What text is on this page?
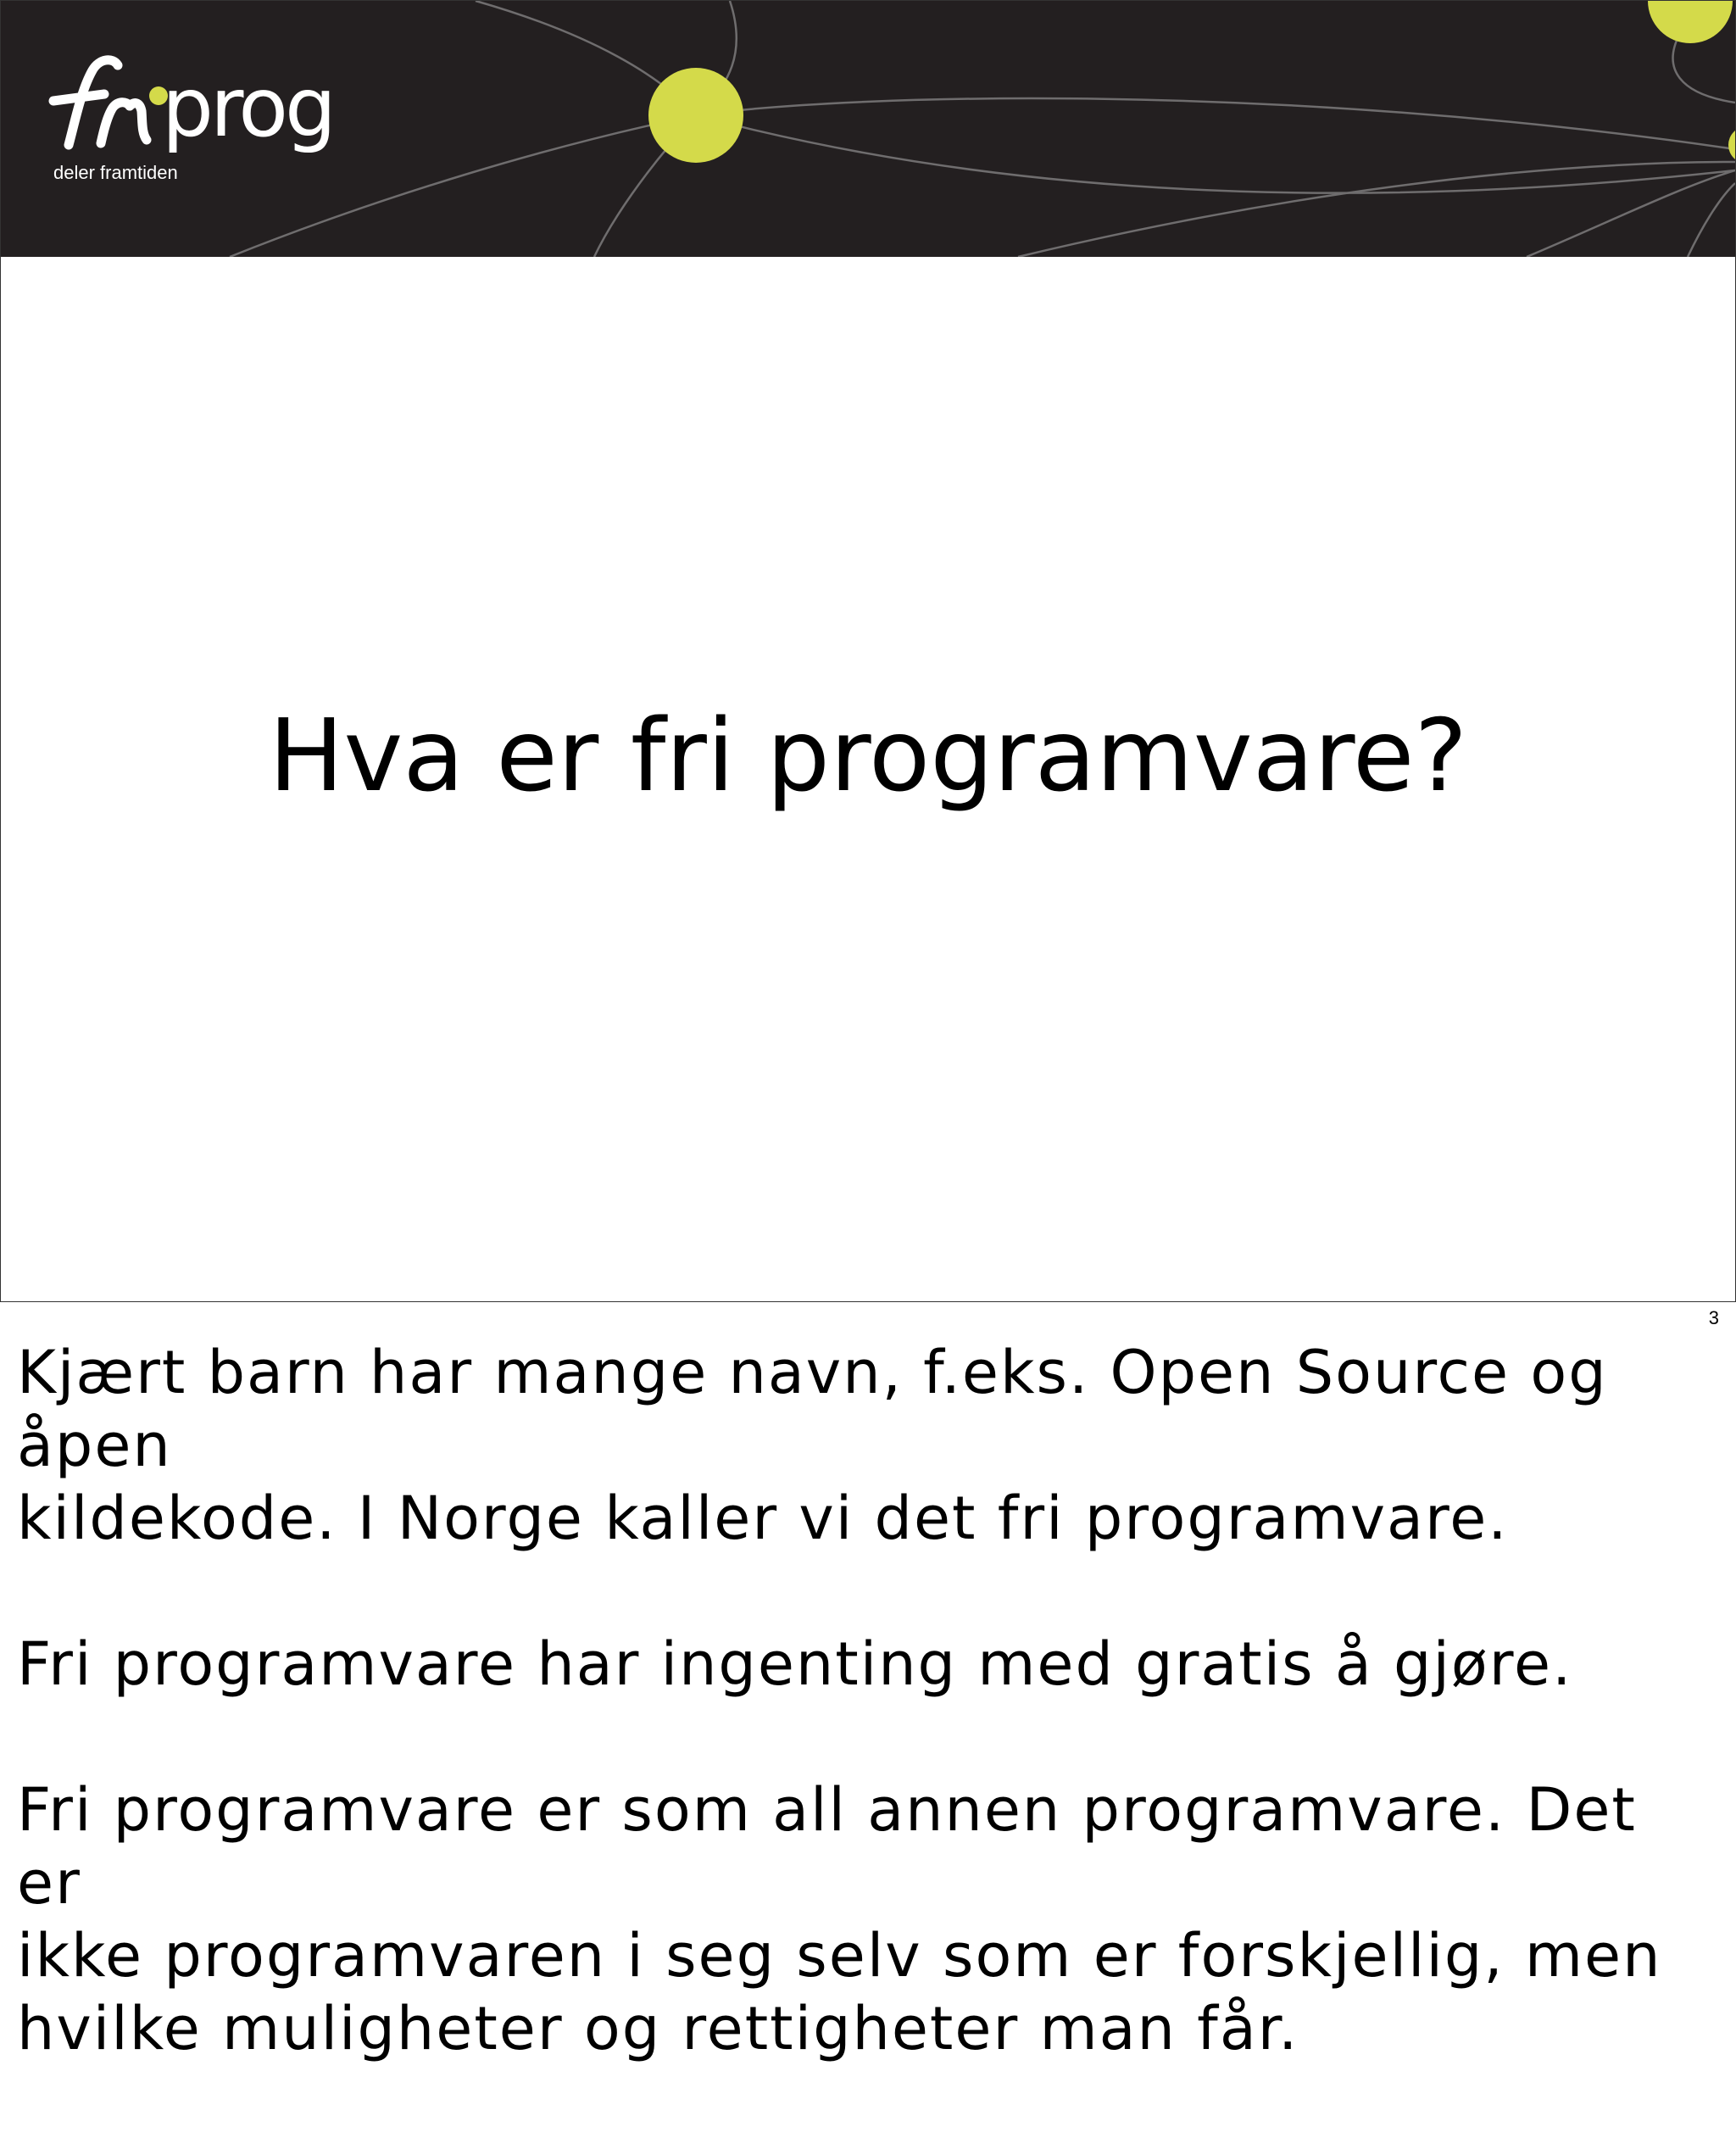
prog
deler framtiden
Hva er fri programvare?
3

Kjært barn har mange navn, f.eks. Open Source og åpen
kildekode. I Norge kaller vi det fri programvare.

Fri programvare har ingenting med gratis å gjøre.

Fri programvare er som all annen programvare. Det er
ikke programvaren i seg selv som er forskjellig, men
hvilke muligheter og rettigheter man får.
